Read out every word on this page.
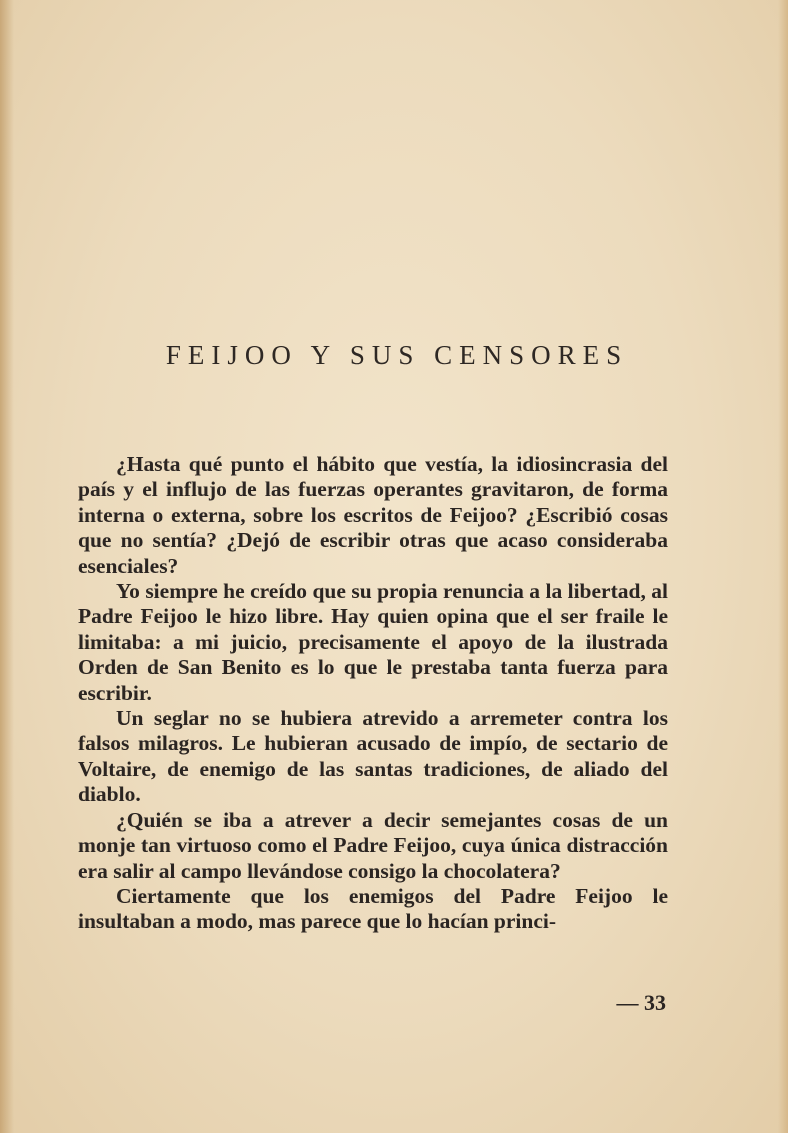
FEIJOO Y SUS CENSORES

¿Hasta qué punto el hábito que vestía, la idiosincrasia del país y el influjo de las fuerzas operantes gravitaron, de forma interna o externa, sobre los escritos de Feijoo? ¿Escribió cosas que no sentía? ¿Dejó de escribir otras que acaso consideraba esenciales?

Yo siempre he creído que su propia renuncia a la libertad, al Padre Feijoo le hizo libre. Hay quien opina que el ser fraile le limitaba: a mi juicio, precisamente el apoyo de la ilustrada Orden de San Benito es lo que le prestaba tanta fuerza para escribir.

Un seglar no se hubiera atrevido a arremeter contra los falsos milagros. Le hubieran acusado de impío, de sectario de Voltaire, de enemigo de las santas tradiciones, de aliado del diablo.

¿Quién se iba a atrever a decir semejantes cosas de un monje tan virtuoso como el Padre Feijoo, cuya única distracción era salir al campo llevándose consigo la chocolatera?

Ciertamente que los enemigos del Padre Feijoo le insultaban a modo, mas parece que lo hacían princi-

— 33
